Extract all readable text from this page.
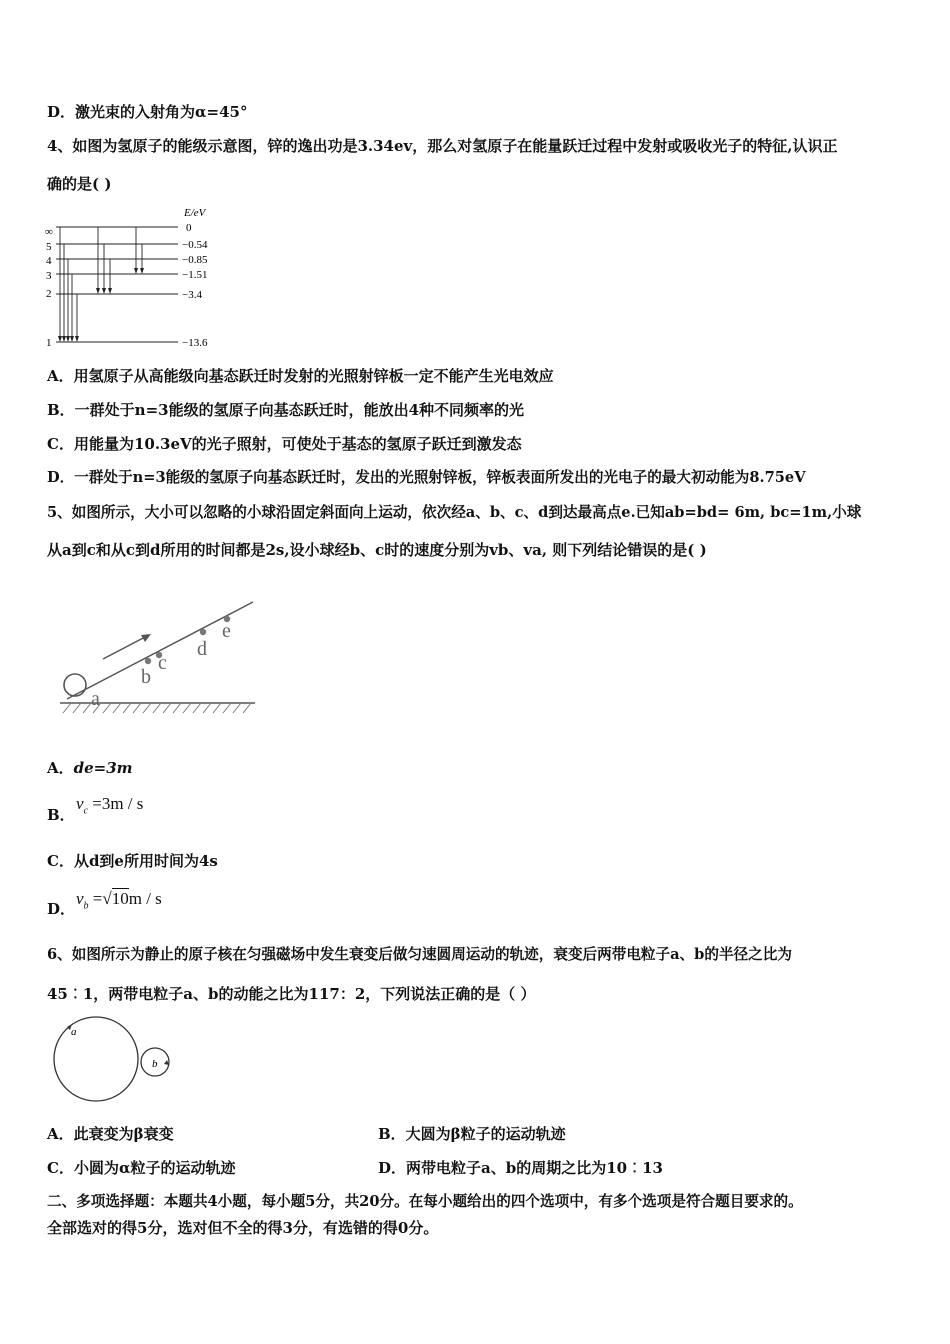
D．激光束的入射角为α=45°
4、如图为氢原子的能级示意图，锌的逸出功是3.34ev，那么对氢原子在能量跃迁过程中发射或吸收光子的特征,认识正
确的是( )
E/eV
∞
5
4
3
2
1
0
−0.54
−0.85
−1.51
−3.4
−13.6
A．用氢原子从高能级向基态跃迁时发射的光照射锌板一定不能产生光电效应
B．一群处于n=3能级的氢原子向基态跃迁时，能放出4种不同频率的光
C．用能量为10.3eV的光子照射，可使处于基态的氢原子跃迁到激发态
D．一群处于n=3能级的氢原子向基态跃迁时，发出的光照射锌板，锌板表面所发出的光电子的最大初动能为8.75eV
5、如图所示，大小可以忽略的小球沿固定斜面向上运动，依次经a、b、c、d到达最高点e.已知ab=bd= 6m, bc=1m,小球
从a到c和从c到d所用的时间都是2s,设小球经b、c时的速度分别为vb、va, 则下列结论错误的是( )
a
b
c
d
e
A．de=3m
B．
$v_c =3m / s$
C．从d到e所用时间为4s
D．
$v_b =√10m / s$
6、如图所示为静止的原子核在匀强磁场中发生衰变后做匀速圆周运动的轨迹，衰变后两带电粒子a、b的半径之比为
45︰1，两带电粒子a、b的动能之比为117：2，下列说法正确的是（ ）
a
b
A．此衰变为β衰变	B．大圆为β粒子的运动轨迹
C．小圆为α粒子的运动轨迹	D．两带电粒子a、b的周期之比为10︰13
二、多项选择题：本题共4小题，每小题5分，共20分。在每小题给出的四个选项中，有多个选项是符合题目要求的。
全部选对的得5分，选对但不全的得3分，有选错的得0分。
